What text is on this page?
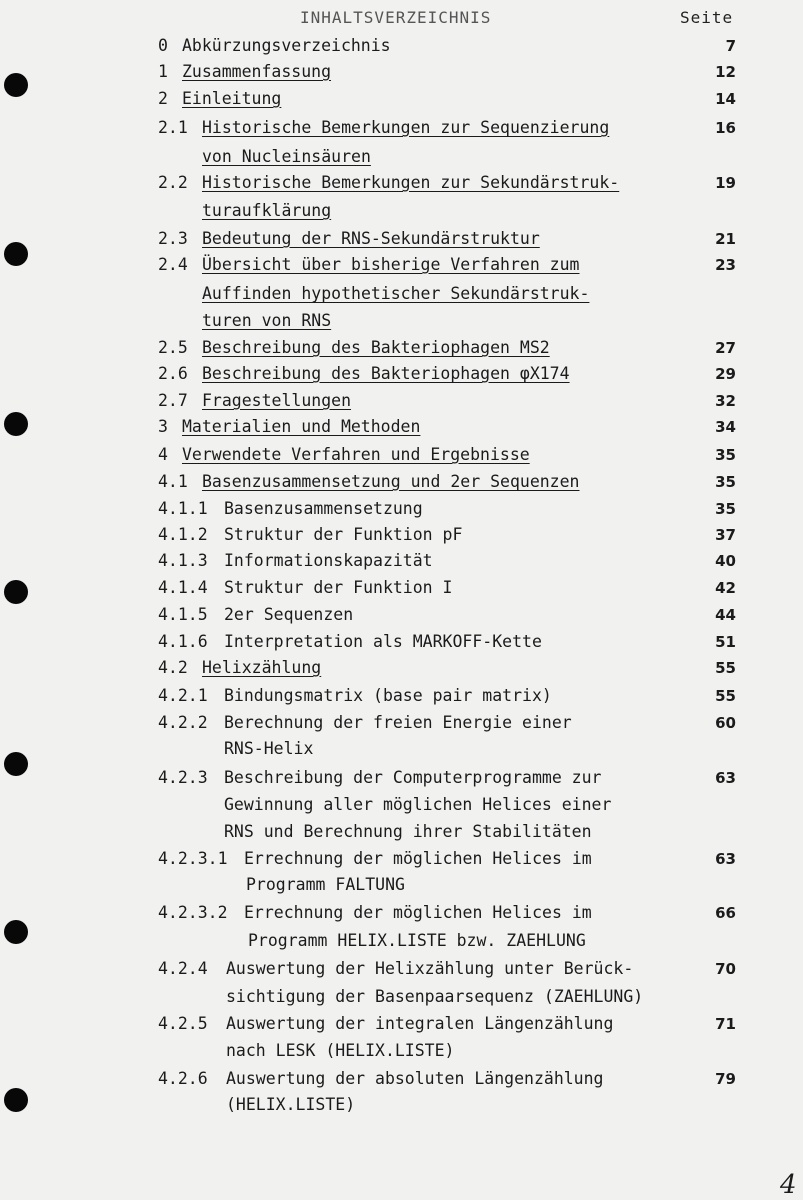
INHALTSVERZEICHNIS	Seite
0 Abkürzungsverzeichnis	7
1 Zusammenfassung	12
2 Einleitung	14
2.1 Historische Bemerkungen zur Sequenzierung	16
von Nucleinsäuren
2.2 Historische Bemerkungen zur Sekundärstruk-	19
turaufklärung
2.3 Bedeutung der RNS-Sekundärstruktur	21
2.4 Übersicht über bisherige Verfahren zum	23
Auffinden hypothetischer Sekundärstruk-
turen von RNS
2.5 Beschreibung des Bakteriophagen MS2	27
2.6 Beschreibung des Bakteriophagen φX174	29
2.7 Fragestellungen	32
3 Materialien und Methoden	34
4 Verwendete Verfahren und Ergebnisse	35
4.1 Basenzusammensetzung und 2er Sequenzen	35
4.1.1 Basenzusammensetzung	35
4.1.2 Struktur der Funktion pF	37
4.1.3 Informationskapazität	40
4.1.4 Struktur der Funktion I	42
4.1.5 2er Sequenzen	44
4.1.6 Interpretation als MARKOFF-Kette	51
4.2 Helixzählung	55
4.2.1 Bindungsmatrix (base pair matrix)	55
4.2.2 Berechnung der freien Energie einer	60
RNS-Helix
4.2.3 Beschreibung der Computerprogramme zur	63
Gewinnung aller möglichen Helices einer
RNS und Berechnung ihrer Stabilitäten
4.2.3.1 Errechnung der möglichen Helices im	63
Programm FALTUNG
4.2.3.2 Errechnung der möglichen Helices im	66
Programm HELIX.LISTE bzw. ZAEHLUNG
4.2.4 Auswertung der Helixzählung unter Berück-	70
sichtigung der Basenpaarsequenz (ZAEHLUNG)
4.2.5 Auswertung der integralen Längenzählung	71
nach LESK (HELIX.LISTE)
4.2.6 Auswertung der absoluten Längenzählung	79
(HELIX.LISTE)
4
